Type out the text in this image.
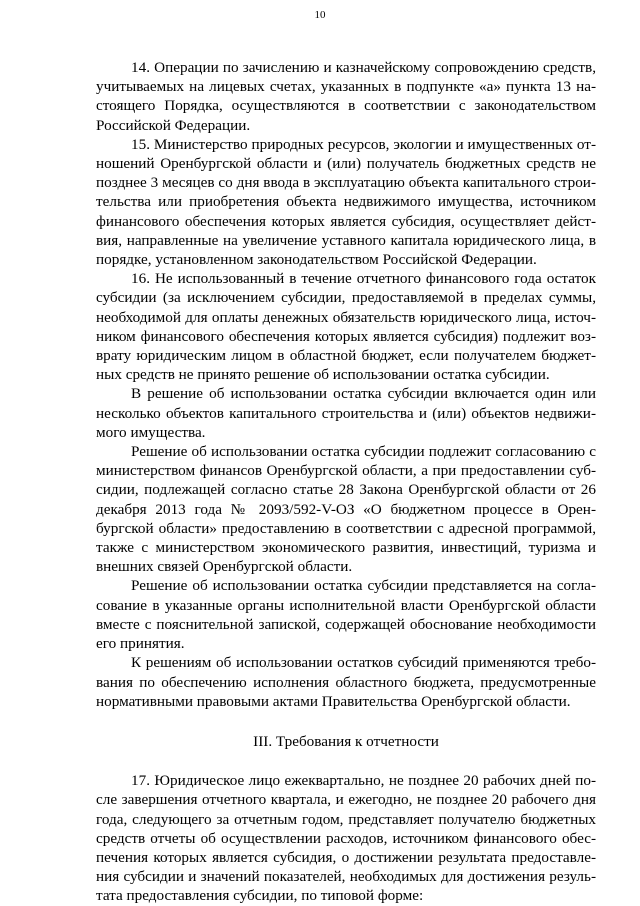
10

14. Операции по зачислению и казначейскому сопровождению средств, учитываемых на лицевых счетах, указанных в подпункте «а» пункта 13 настоящего Порядка, осуществляются в соответствии с законодательством Российской Федерации.

15. Министерство природных ресурсов, экологии и имущественных отношений Оренбургской области и (или) получатель бюджетных средств не позднее 3 месяцев со дня ввода в эксплуатацию объекта капитального строительства или приобретения объекта недвижимого имущества, источником финансового обеспечения которых является субсидия, осуществляет действия, направленные на увеличение уставного капитала юридического лица, в порядке, установленном законодательством Российской Федерации.

16. Не использованный в течение отчетного финансового года остаток субсидии (за исключением субсидии, предоставляемой в пределах суммы, необходимой для оплаты денежных обязательств юридического лица, источником финансового обеспечения которых является субсидия) подлежит возврату юридическим лицом в областной бюджет, если получателем бюджетных средств не принято решение об использовании остатка субсидии.

В решение об использовании остатка субсидии включается один или несколько объектов капитального строительства и (или) объектов недвижимого имущества.

Решение об использовании остатка субсидии подлежит согласованию с министерством финансов Оренбургской области, а при предоставлении субсидии, подлежащей согласно статье 28 Закона Оренбургской области от 26 декабря 2013 года № 2093/592-V-ОЗ «О бюджетном процессе в Оренбургской области» предоставлению в соответствии с адресной программой, также с министерством экономического развития, инвестиций, туризма и внешних связей Оренбургской области.

Решение об использовании остатка субсидии представляется на согласование в указанные органы исполнительной власти Оренбургской области вместе с пояснительной запиской, содержащей обоснование необходимости его принятия.

К решениям об использовании остатков субсидий применяются требования по обеспечению исполнения областного бюджета, предусмотренные нормативными правовыми актами Правительства Оренбургской области.

III. Требования к отчетности

17. Юридическое лицо ежеквартально, не позднее 20 рабочих дней после завершения отчетного квартала, и ежегодно, не позднее 20 рабочего дня года, следующего за отчетным годом, представляет получателю бюджетных средств отчеты об осуществлении расходов, источником финансового обеспечения которых является субсидия, о достижении результата предоставления субсидии и значений показателей, необходимых для достижения результата предоставления субсидии, по типовой форме:
